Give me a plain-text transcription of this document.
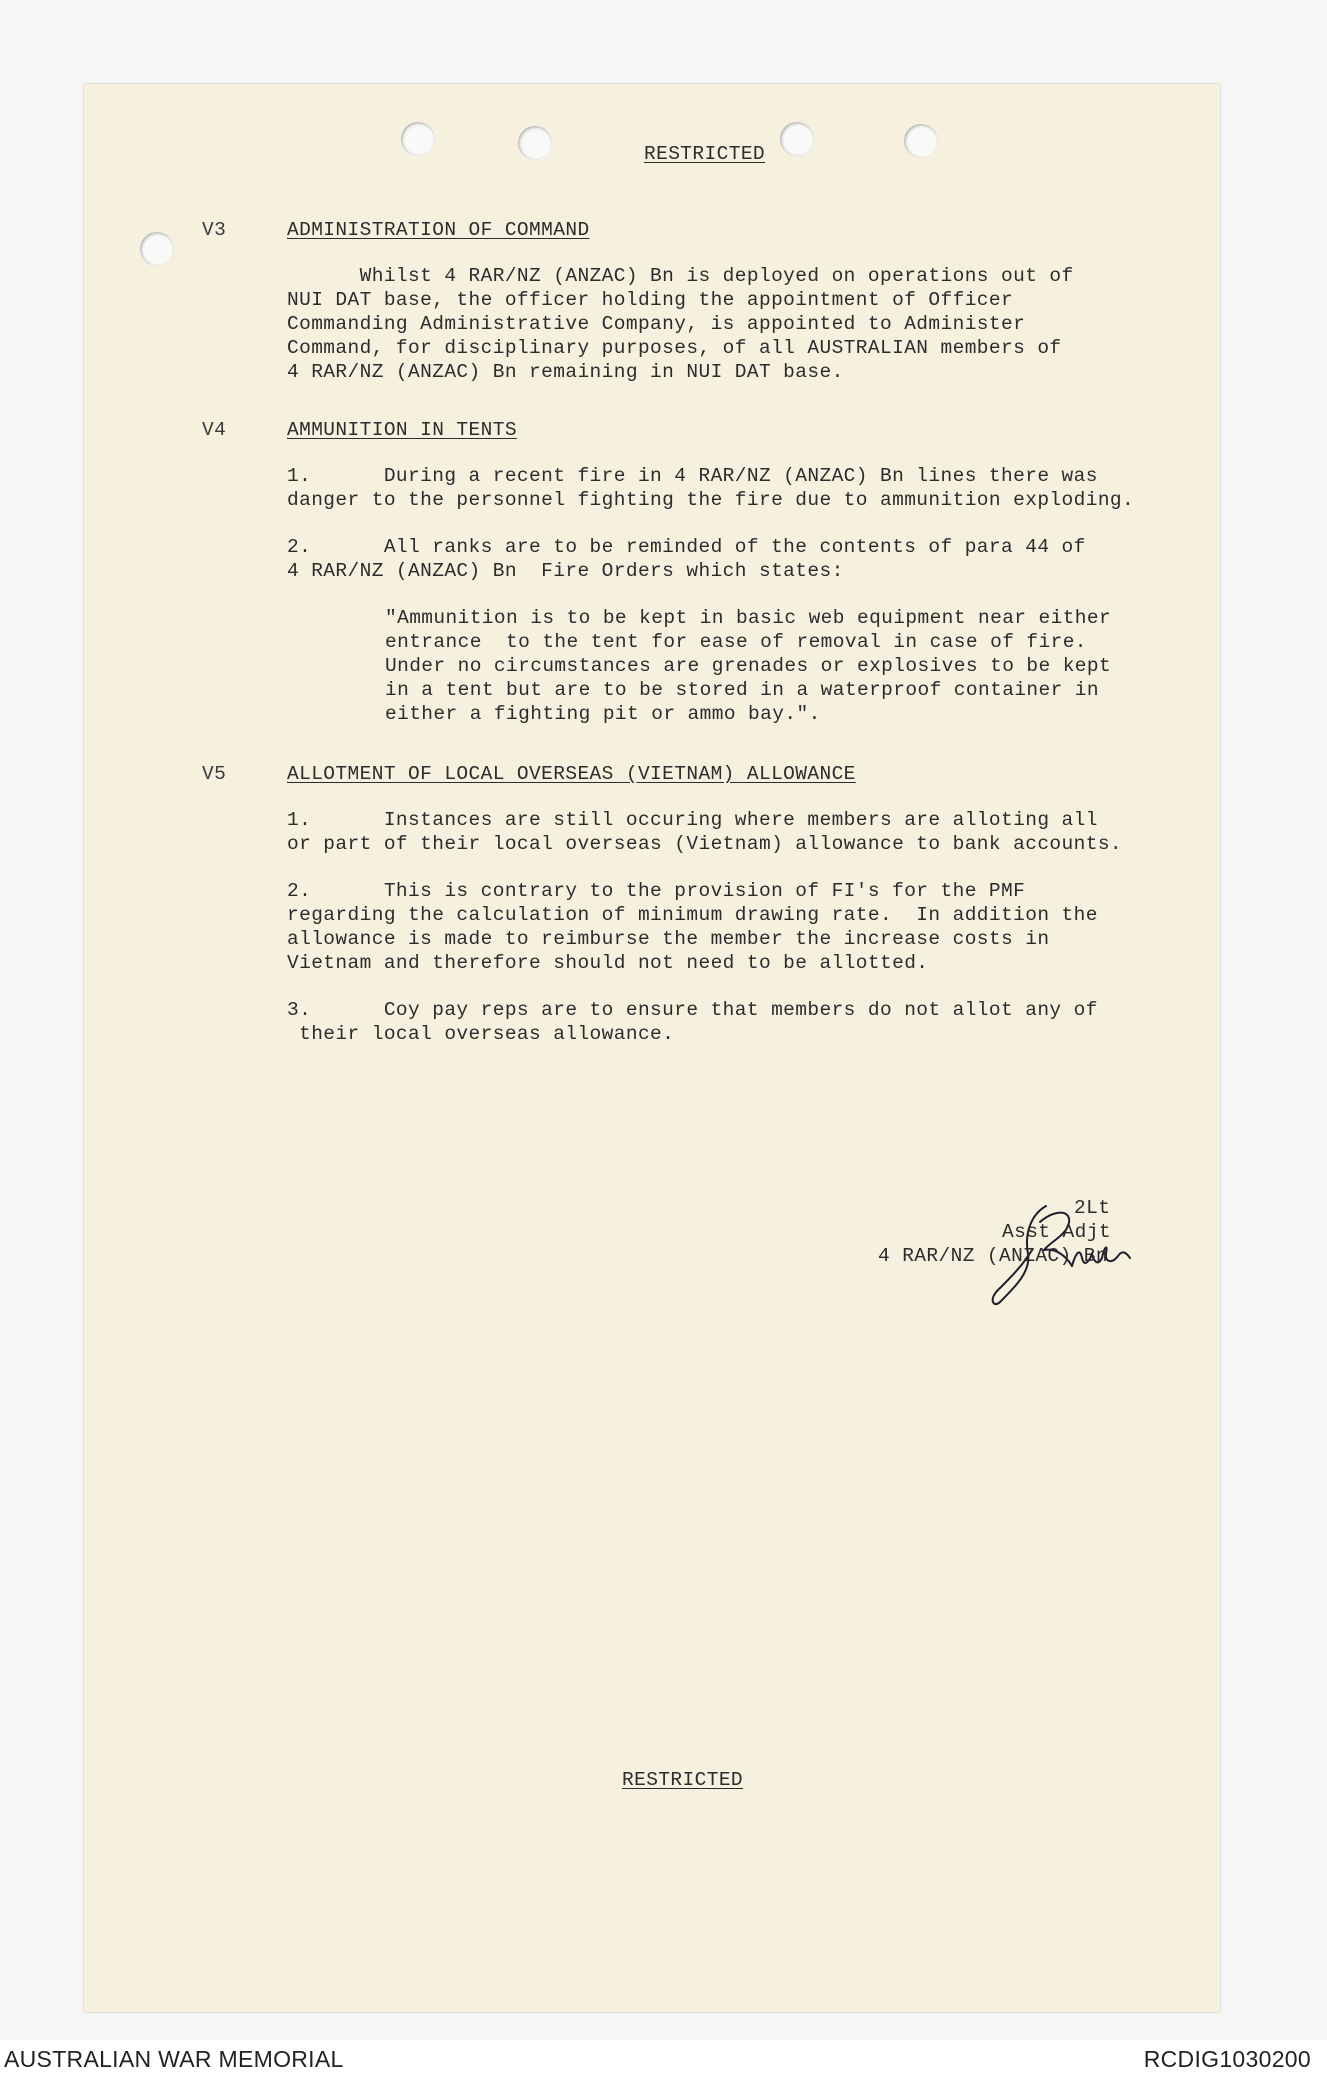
RESTRICTED
V3	ADMINISTRATION OF COMMAND
Whilst 4 RAR/NZ (ANZAC) Bn is deployed on operations out of
NUI DAT base, the officer holding the appointment of Officer
Commanding Administrative Company, is appointed to Administer
Command, for disciplinary purposes, of all AUSTRALIAN members of
4 RAR/NZ (ANZAC) Bn remaining in NUI DAT base.
V4	AMMUNITION IN TENTS
1.      During a recent fire in 4 RAR/NZ (ANZAC) Bn lines there was
danger to the personnel fighting the fire due to ammunition exploding.
2.      All ranks are to be reminded of the contents of para 44 of
4 RAR/NZ (ANZAC) Bn  Fire Orders which states:
"Ammunition is to be kept in basic web equipment near either
entrance  to the tent for ease of removal in case of fire.
Under no circumstances are grenades or explosives to be kept
in a tent but are to be stored in a waterproof container in
either a fighting pit or ammo bay.".
V5	ALLOTMENT OF LOCAL OVERSEAS (VIETNAM) ALLOWANCE
1.      Instances are still occuring where members are alloting all
or part of their local overseas (Vietnam) allowance to bank accounts.
2.      This is contrary to the provision of FI's for the PMF
regarding the calculation of minimum drawing rate.  In addition the
allowance is made to reimburse the member the increase costs in
Vietnam and therefore should not need to be allotted.
3.      Coy pay reps are to ensure that members do not allot any of
their local overseas allowance.
2Lt
Asst Adjt
4 RAR/NZ (ANZAC) Bn
RESTRICTED
AUSTRALIAN WAR MEMORIAL	RCDIG1030200
